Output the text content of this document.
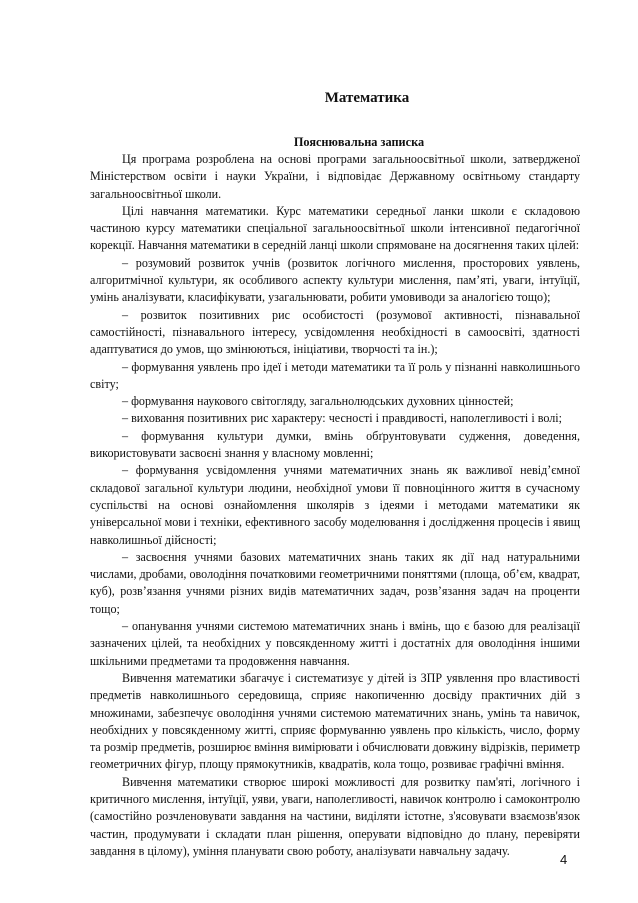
Математика
Пояснювальна записка

Ця програма розроблена на основі програми загальноосвітньої школи, затвердженої Міністерством освіти і науки України, і відповідає Державному освітньому стандарту загальноосвітньої школи.

Цілі навчання математики. Курс математики середньої ланки школи є складовою частиною курсу математики спеціальної загальноосвітньої школи інтенсивної педагогічної корекції. Навчання математики в середній ланці школи спрямоване на досягнення таких цілей:

– розумовий розвиток учнів (розвиток логічного мислення, просторових уявлень, алгоритмічної культури, як особливого аспекту культури мислення, пам’яті, уваги, інтуїції, умінь аналізувати, класифікувати, узагальнювати, робити умовиводи за аналогією тощо);

– розвиток позитивних рис особистості (розумової активності, пізнавальної самостійності, пізнавального інтересу, усвідомлення необхідності в самоосвіті, здатності адаптуватися до умов, що змінюються, ініціативи, творчості та ін.);

– формування уявлень про ідеї і методи математики та її роль у пізнанні навколишнього світу;

– формування наукового світогляду, загальнолюдських духовних цінностей;

– виховання позитивних рис характеру: чесності і правдивості, наполегливості і волі;

– формування культури думки, вмінь обґрунтовувати судження, доведення, використовувати засвоєні знання у власному мовленні;

– формування усвідомлення учнями математичних знань як важливої невід’ємної складової загальної культури людини, необхідної умови її повноцінного життя в сучасному суспільстві на основі ознайомлення школярів з ідеями і методами математики як універсальної мови і техніки, ефективного засобу моделювання і дослідження процесів і явищ навколишньої дійсності;

– засвоєння учнями базових математичних знань таких як дії над натуральними числами, дробами, оволодіння початковими геометричними поняттями (площа, об’єм, квадрат, куб), розв’язання учнями різних видів математичних задач, розв’язання задач на проценти тощо;

– опанування учнями системою математичних знань і вмінь, що є базою для реалізації зазначених цілей, та необхідних у повсякденному житті і достатніх для оволодіння іншими шкільними предметами та продовження навчання.

Вивчення математики збагачує і систематизує у дітей із ЗПР уявлення про властивості предметів навколишнього середовища, сприяє накопиченню досвіду практичних дій з множинами, забезпечує оволодіння учнями системою математичних знань, умінь та навичок, необхідних у повсякденному житті, сприяє формуванню уявлень про кількість, число, форму та розмір предметів, розширює вміння вимірювати і обчислювати довжину відрізків, периметр геометричних фігур, площу прямокутників, квадратів, кола тощо, розвиває графічні вміння.

Вивчення математики створює широкі можливості для розвитку пам'яті, логічного і критичного мислення, інтуїції, уяви, уваги, наполегливості, навичок контролю і самоконтролю (самостійно розчленовувати завдання на частини, виділяти істотне, з'ясовувати взаємозв'язок частин, продумувати і складати план рішення, оперувати відповідно до плану, перевіряти завдання в цілому), уміння планувати свою роботу, аналізувати навчальну задачу.

4
